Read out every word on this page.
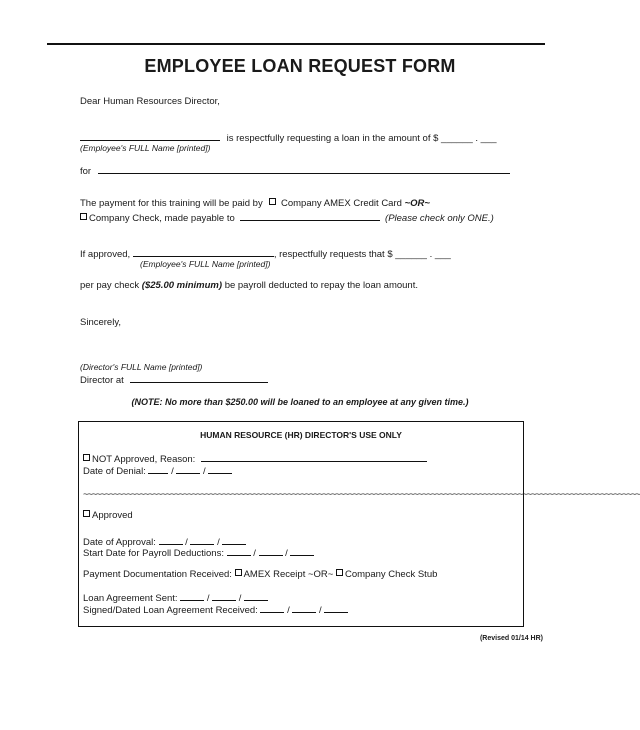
EMPLOYEE LOAN REQUEST FORM
Dear Human Resources Director,
is respectfully requesting a loan in the amount of $ ______ . ___
(Employee's FULL Name [printed])
for
The payment for this training will be paid by Company AMEX Credit Card ~OR~
Company Check, made payable to	(Please check only ONE.)
If approved,	, respectfully requests that $ ______ . ___
(Employee's FULL Name [printed])
per pay check ($25.00 minimum) be payroll deducted to repay the loan amount.
Sincerely,
(Director's FULL Name [printed])
Director at
(NOTE: No more than $250.00 will be loaned to an employee at any given time.)
HUMAN RESOURCE (HR) DIRECTOR'S USE ONLY
NOT Approved, Reason:
Date of Denial:  /	/
~~~~~~~~~~~~~~~~~~~~~~~~~~~~~~~~~~~~~~~~~~~~~~~~~~~~~~~~~~~~~~~~~~~~~~~~~~~~~~~~~~~~~~~~~~~~~~~~~~~~~~~~~~~~~~~~~~~~~~~~~~~~~~~~
Approved
Date of Approval:	/	/
Start Date for Payroll Deductions:	/	/
Payment Documentation Received: AMEX Receipt ~OR~ Company Check Stub
Loan Agreement Sent:	/	/
Signed/Dated Loan Agreement Received:	/	/
(Revised 01/14 HR)
